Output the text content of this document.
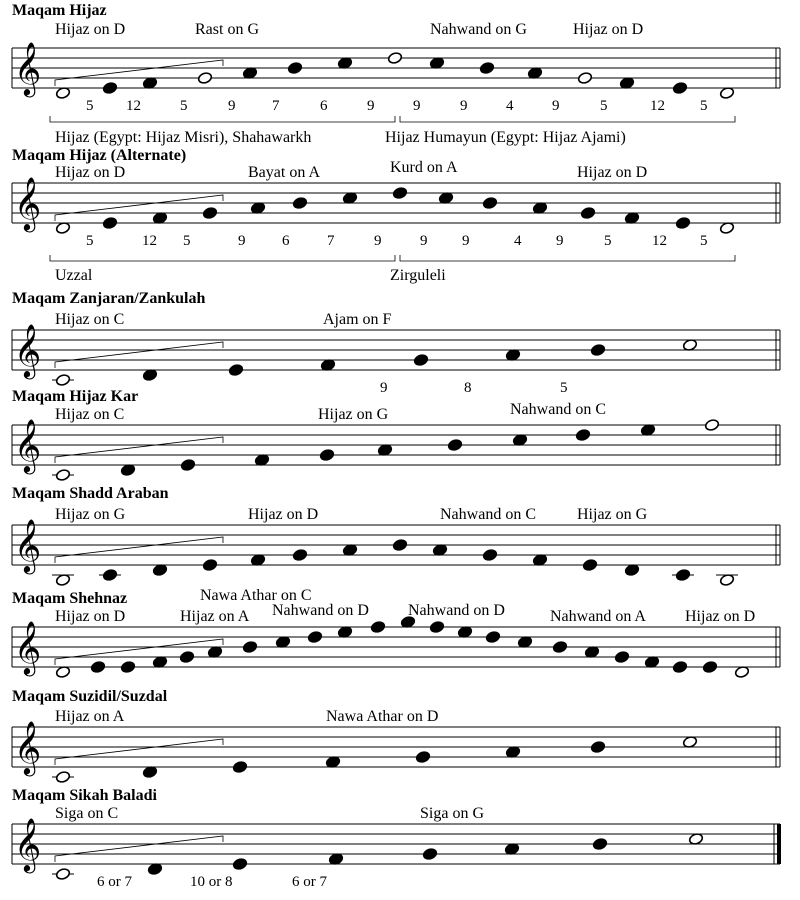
Maqam Hijaz
𝄞
Hijaz on D	Rast on G	Nahwand on G	Hijaz on D
5 12	5	9 7	6	9	9	9	4	9	5	12 5
Hijaz (Egypt: Hijaz Misri), Shahawarkh	Hijaz Humayun (Egypt: Hijaz Ajami)
Maqam Hijaz (Alternate)
𝄞
Hijaz on D	Bayat on A	Kurd on A	Hijaz on D
5	12 5	9 6	7	9	9 9	4 9	5	12 5
Uzzal	Zirguleli
Maqam Zanjaran/Zankulah
𝄞
Hijaz on C	Ajam on F
9	8	5
Maqam Hijaz Kar
𝄞
Hijaz on C	Hijaz on G	Nahwand on C
Maqam Shadd Araban
𝄞
Hijaz on G	Hijaz on D	Nahwand on C	Hijaz on G
Nawa Athar on C
Maqam Shehnaz
𝄞
Hijaz on D	Hijaz on A Nahwand on D Nahwand on D	Nahwand on A Hijaz on D
Maqam Suzidil/Suzdal
𝄞
Hijaz on A	Nawa Athar on D
Maqam Sikah Baladi
𝄞
Siga on C	Siga on G
6 or 7	10 or 8	6 or 7
